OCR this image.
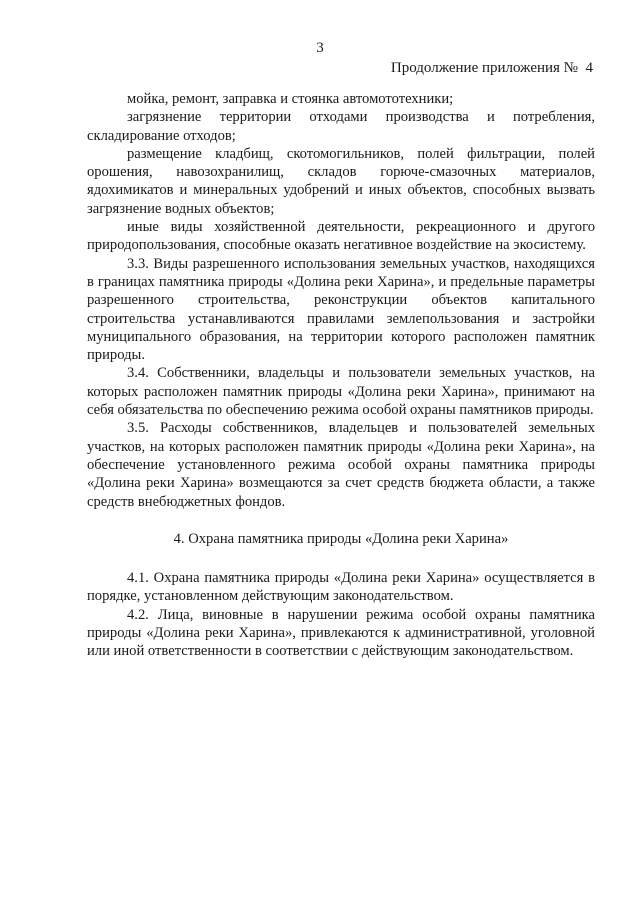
3
Продолжение приложения №  4

мойка, ремонт, заправка и стоянка автомототехники;

загрязнение территории отходами производства и потребления, складирование отходов;

размещение кладбищ, скотомогильников, полей фильтрации, полей орошения, навозохранилищ, складов горюче-смазочных материалов, ядохимикатов и минеральных удобрений и иных объектов, способных вызвать загрязнение водных объектов;

иные виды хозяйственной деятельности, рекреационного и другого природопользования, способные оказать негативное воздействие на экосистему.

3.3. Виды разрешенного использования земельных участков, находящихся в границах памятника природы «Долина реки Харина», и предельные параметры разрешенного строительства, реконструкции объектов капитального строительства устанавливаются правилами землепользования и застройки муниципального образования, на территории которого расположен памятник природы.

3.4. Собственники, владельцы и пользователи земельных участков, на которых расположен памятник природы «Долина реки Харина», принимают на себя обязательства по обеспечению режима особой охраны памятников природы.

3.5. Расходы собственников, владельцев и пользователей земельных участков, на которых расположен памятник природы «Долина реки Харина», на обеспечение установленного режима особой охраны памятника природы «Долина реки Харина» возмещаются за счет средств бюджета области, а также средств внебюджетных фондов.

4. Охрана памятника природы «Долина реки Харина»

4.1. Охрана памятника природы «Долина реки Харина» осуществляется в порядке, установленном действующим законодательством.

4.2. Лица, виновные в нарушении режима особой охраны памятника природы «Долина реки Харина», привлекаются к административной, уголовной или иной ответственности в соответствии с действующим законодательством.
